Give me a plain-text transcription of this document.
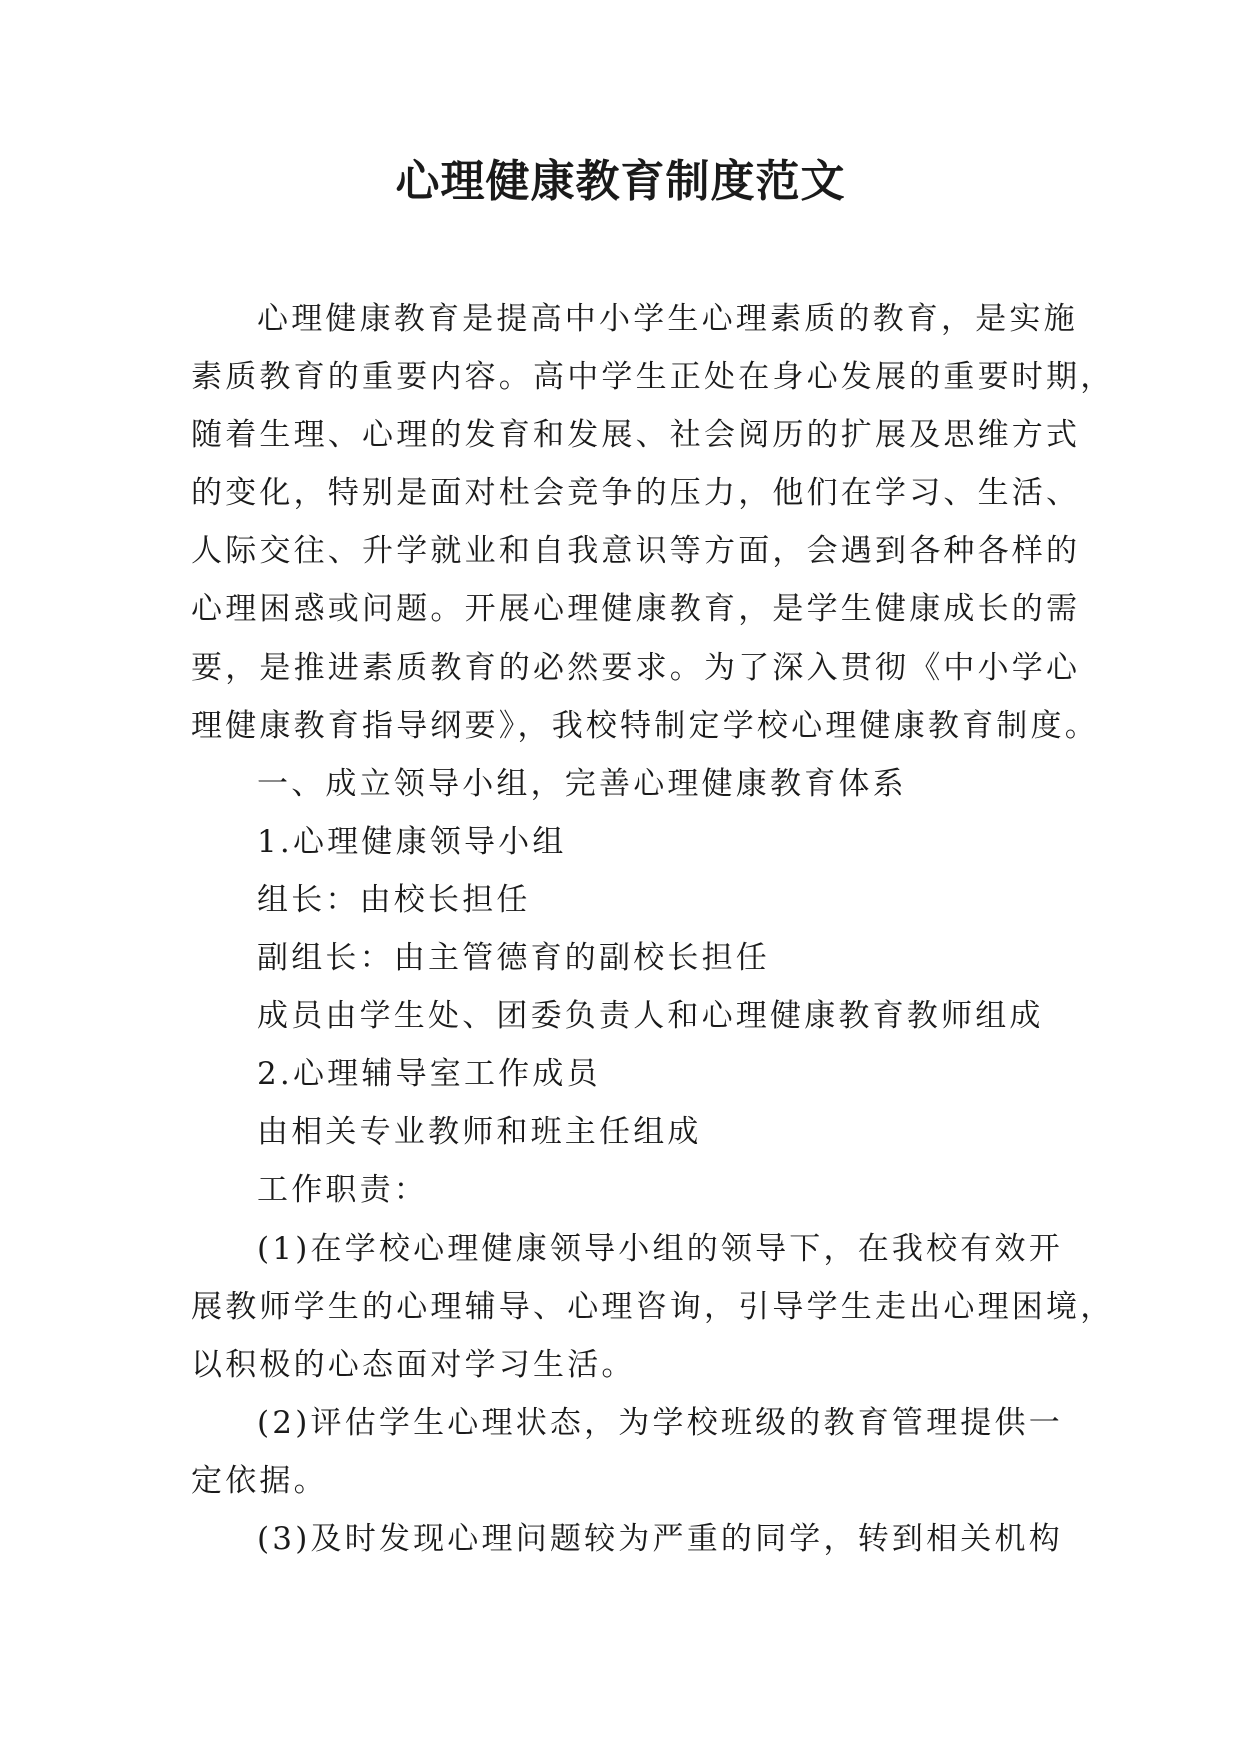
心理健康教育制度范文
心理健康教育是提高中小学生心理素质的教育，是实施
素质教育的重要内容。高中学生正处在身心发展的重要时期，
随着生理、心理的发育和发展、社会阅历的扩展及思维方式
的变化，特别是面对杜会竞争的压力，他们在学习、生活、
人际交往、升学就业和自我意识等方面，会遇到各种各样的
心理困惑或问题。开展心理健康教育，是学生健康成长的需
要，是推进素质教育的必然要求。为了深入贯彻《中小学心
理健康教育指导纲要》，我校特制定学校心理健康教育制度。
一、成立领导小组，完善心理健康教育体系
1.心理健康领导小组
组长：由校长担任
副组长：由主管德育的副校长担任
成员由学生处、团委负责人和心理健康教育教师组成
2.心理辅导室工作成员
由相关专业教师和班主任组成
工作职责：
(1)在学校心理健康领导小组的领导下，在我校有效开
展教师学生的心理辅导、心理咨询，引导学生走出心理困境，
以积极的心态面对学习生活。
(2)评估学生心理状态，为学校班级的教育管理提供一
定依据。
(3)及时发现心理问题较为严重的同学，转到相关机构
